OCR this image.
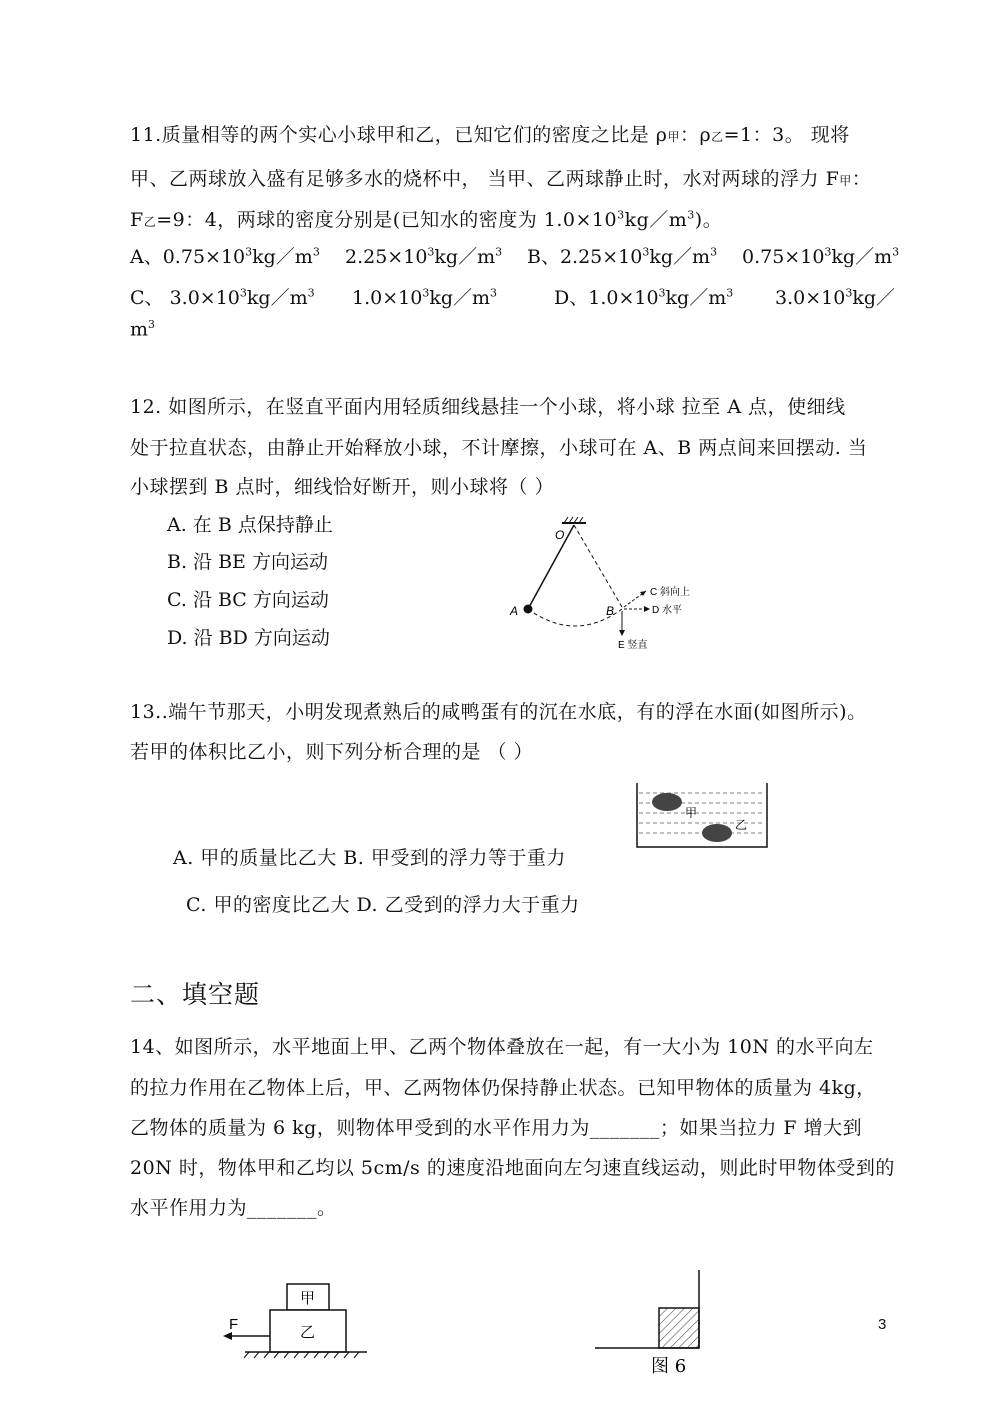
11.质量相等的两个实心小球甲和乙，已知它们的密度之比是 ρ甲：ρ乙=1：3。 现将
甲、乙两球放入盛有足够多水的烧杯中， 当甲、乙两球静止时，水对两球的浮力 F甲：
F乙=9：4，两球的密度分别是(已知水的密度为 $1.0\times 10^3kg/m^3$)。
A、$0.75\times 10^3kg/m^3$ $2.25\times 10^3kg/m^3$ B、$2.25\times 10^3kg/m^3$ $0.75\times 10^3kg/m^3$
C、 $3.0\times 10^3kg/m^3$ $1.0\times 10^3kg/m^3$	D、$1.0\times 10^3kg/m^3$ $3.0\times 10^3kg/$
$m^3$
12. 如图所示，在竖直平面内用轻质细线悬挂一个小球，将小球 拉至 A 点，使细线
处于拉直状态，由静止开始释放小球，不计摩擦，小球可在 A、B 两点间来回摆动. 当
小球摆到 B 点时，细线恰好断开，则小球将（ ）
A. 在 B 点保持静止
B. 沿 BE 方向运动
C. 沿 BC 方向运动
D. 沿 BD 方向运动
O
A	B
C 斜向上
D 水平
E 竖直
13..端午节那天，小明发现煮熟后的咸鸭蛋有的沉在水底，有的浮在水面(如图所示)。
若甲的体积比乙小，则下列分析合理的是 （ ）
甲
乙
A. 甲的质量比乙大 B. 甲受到的浮力等于重力
C. 甲的密度比乙大 D. 乙受到的浮力大于重力
二、填空题
14、如图所示，水平地面上甲、乙两个物体叠放在一起，有一大小为 10N 的水平向左
的拉力作用在乙物体上后，甲、乙两物体仍保持静止状态。已知甲物体的质量为 4kg，
乙物体的质量为 6 kg，则物体甲受到的水平作用力为_______；如果当拉力 F 增大到
20N 时，物体甲和乙均以 5cm/s 的速度沿地面向左匀速直线运动，则此时甲物体受到的
水平作用力为_______。
F
甲
乙
图 6
3
